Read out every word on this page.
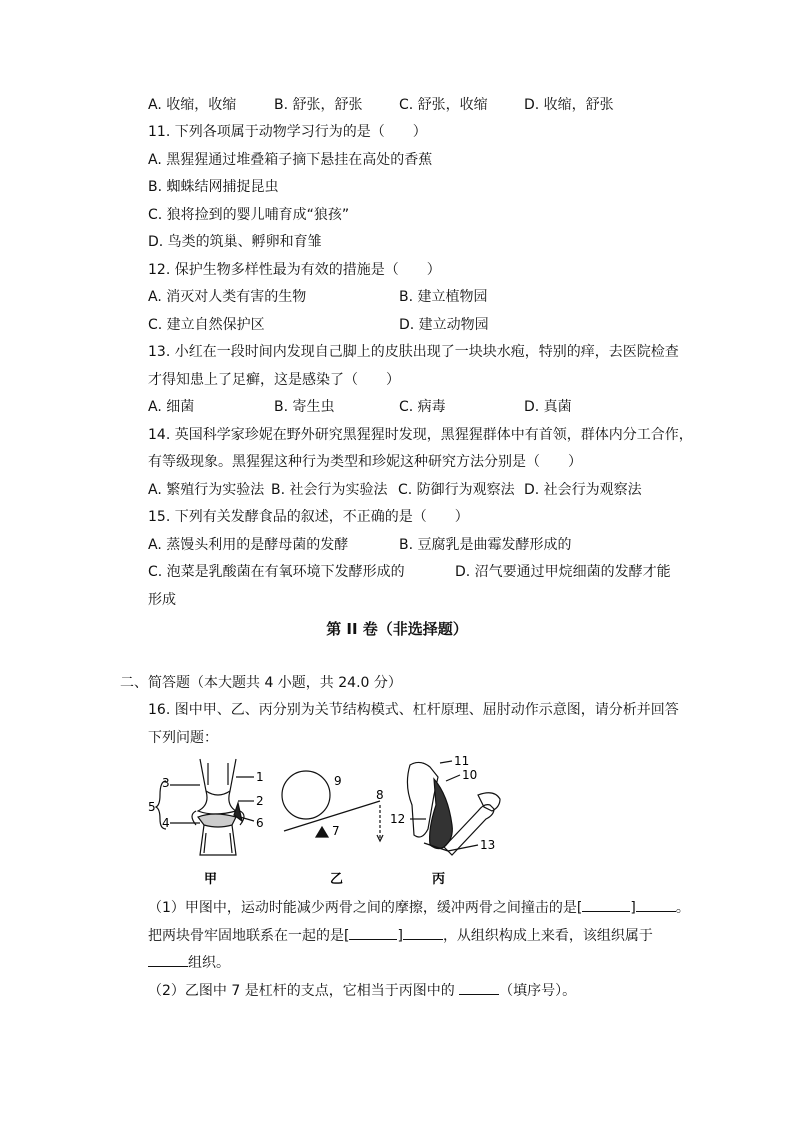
A. 收缩，收缩	B. 舒张，舒张	C. 舒张，收缩	D. 收缩，舒张
11. 下列各项属于动物学习行为的是（　　）
A. 黑猩猩通过堆叠箱子摘下悬挂在高处的香蕉
B. 蜘蛛结网捕捉昆虫
C. 狼将捡到的婴儿哺育成“狼孩”
D. 鸟类的筑巢、孵卵和育雏
12. 保护生物多样性最为有效的措施是（　　）
A. 消灭对人类有害的生物	B. 建立植物园
C. 建立自然保护区	D. 建立动物园
13. 小红在一段时间内发现自己脚上的皮肤出现了一块块水疱，特别的痒，去医院检查
才得知患上了足癣，这是感染了（　　）
A. 细菌	B. 寄生虫	C. 病毒	D. 真菌
14. 英国科学家珍妮在野外研究黑猩猩时发现，黑猩猩群体中有首领，群体内分工合作，
有等级现象。黑猩猩这种行为类型和珍妮这种研究方法分别是（　　）
A. 繁殖行为实验法 B. 社会行为实验法 C. 防御行为观察法 D. 社会行为观察法
15. 下列有关发酵食品的叙述，不正确的是（　　）
A. 蒸馒头利用的是酵母菌的发酵	B. 豆腐乳是曲霉发酵形成的
C. 泡菜是乳酸菌在有氧环境下发酵形成的	D. 沼气要通过甲烷细菌的发酵才能
形成
第 II 卷（非选择题）
二、简答题（本大题共 4 小题，共 24.0 分）
16. 图中甲、乙、丙分别为关节结构模式、杠杆原理、屈肘动作示意图，请分析并回答
下列问题：
3
5
4
1
2
6
甲
9
7
8
乙
11
10
12
13
丙
（1）甲图中，运动时能减少两骨之间的摩擦，缓冲两骨之间撞击的是[	]	。
把两块骨牢固地联系在一起的是[	]	，从组织构成上来看，该组织属于
组织。
（2）乙图中 7 是杠杆的支点，它相当于丙图中的	（填序号）。
